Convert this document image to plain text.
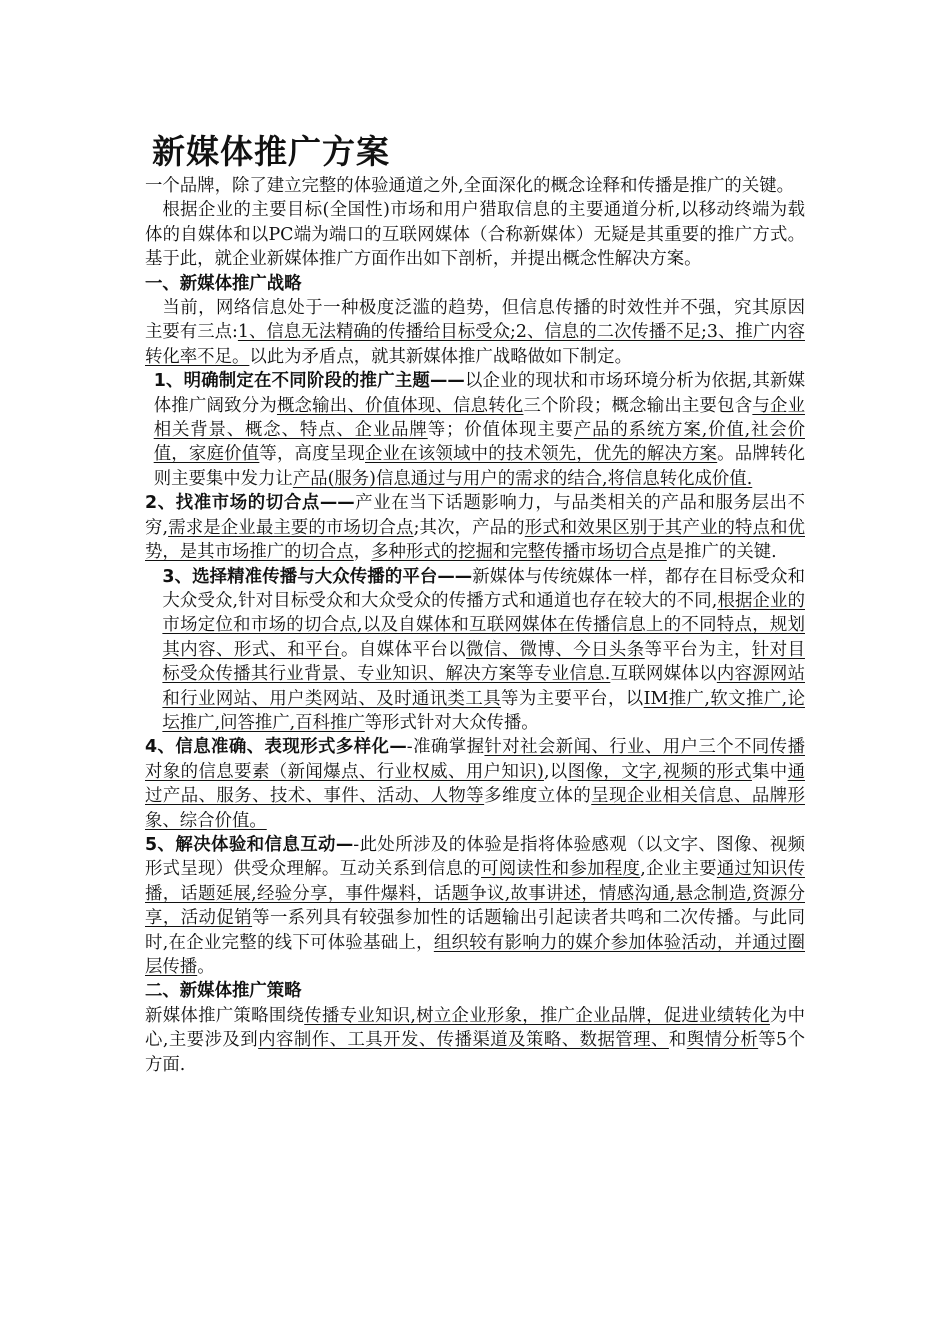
新媒体推广方案

一个品牌，除了建立完整的体验通道之外,全面深化的概念诠释和传播是推广的关键。

根据企业的主要目标(全国性)市场和用户猎取信息的主要通道分析,以移动终端为载体的自媒体和以PC端为端口的互联网媒体（合称新媒体）无疑是其重要的推广方式。基于此，就企业新媒体推广方面作出如下剖析，并提出概念性解决方案。

一、新媒体推广战略

当前，网络信息处于一种极度泛滥的趋势，但信息传播的时效性并不强，究其原因主要有三点:1、信息无法精确的传播给目标受众;2、信息的二次传播不足;3、推广内容转化率不足。以此为矛盾点，就其新媒体推广战略做如下制定。

1、明确制定在不同阶段的推广主题——以企业的现状和市场环境分析为依据,其新媒体推广阔致分为概念输出、价值体现、信息转化三个阶段；概念输出主要包含与企业相关背景、概念、特点、企业品牌等；价值体现主要产品的系统方案,价值,社会价值，家庭价值等，高度呈现企业在该领域中的技术领先，优先的解决方案。品牌转化则主要集中发力让产品(服务)信息通过与用户的需求的结合,将信息转化成价值.

2、找准市场的切合点——产业在当下话题影响力，与品类相关的产品和服务层出不穷,需求是企业最主要的市场切合点;其次，产品的形式和效果区别于其产业的特点和优势，是其市场推广的切合点，多种形式的挖掘和完整传播市场切合点是推广的关键.

3、选择精准传播与大众传播的平台——新媒体与传统媒体一样，都存在目标受众和大众受众,针对目标受众和大众受众的传播方式和通道也存在较大的不同,根据企业的市场定位和市场的切合点,以及自媒体和互联网媒体在传播信息上的不同特点，规划其内容、形式、和平台。自媒体平台以微信、微博、今日头条等平台为主，针对目标受众传播其行业背景、专业知识、解决方案等专业信息.互联网媒体以内容源网站和行业网站、用户类网站、及时通讯类工具等为主要平台，以IM推广,软文推广,论坛推广,问答推广,百科推广等形式针对大众传播。

4、信息准确、表现形式多样化—-准确掌握针对社会新闻、行业、用户三个不同传播对象的信息要素（新闻爆点、行业权威、用户知识),以图像，文字,视频的形式集中通过产品、服务、技术、事件、活动、人物等多维度立体的呈现企业相关信息、品牌形象、综合价值。

5、解决体验和信息互动—-此处所涉及的体验是指将体验感观（以文字、图像、视频形式呈现）供受众理解。互动关系到信息的可阅读性和参加程度,企业主要通过知识传播，话题延展,经验分享，事件爆料，话题争议,故事讲述，情感沟通,悬念制造,资源分享，活动促销等一系列具有较强参加性的话题输出引起读者共鸣和二次传播。与此同时,在企业完整的线下可体验基础上，组织较有影响力的媒介参加体验活动，并通过圈层传播。

二、新媒体推广策略

新媒体推广策略围绕传播专业知识,树立企业形象，推广企业品牌，促进业绩转化为中心,主要涉及到内容制作、工具开发、传播渠道及策略、数据管理、和舆情分析等5个方面.
